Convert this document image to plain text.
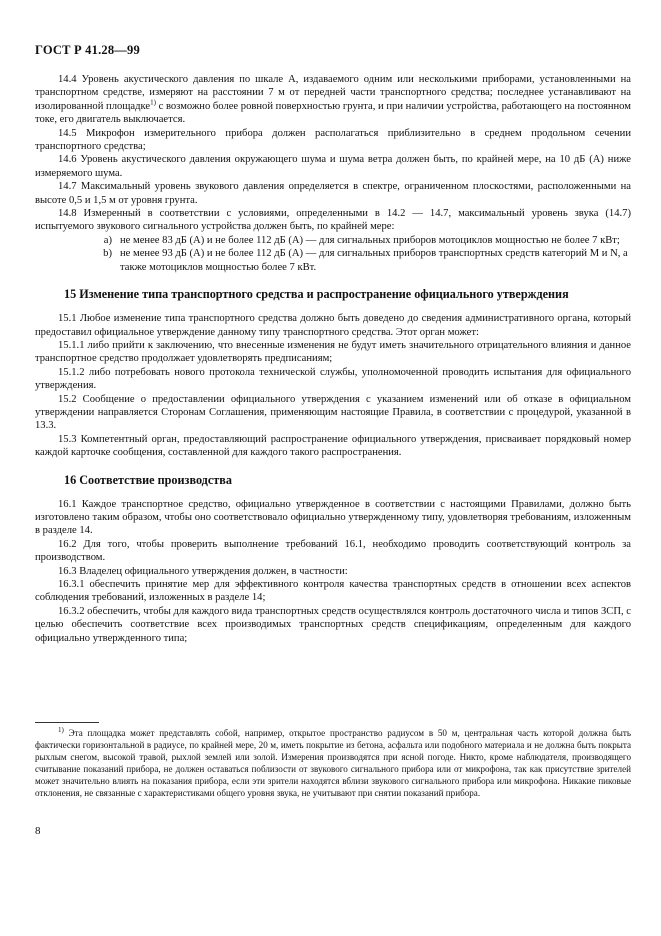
ГОСТ Р 41.28—99

14.4 Уровень акустического давления по шкале А, издаваемого одним или несколькими приборами, установленными на транспортном средстве, измеряют на расстоянии 7 м от передней части транспортного средства; последнее устанавливают на изолированной площадке$^{1)}$ с возможно более ровной поверхностью грунта, и при наличии устройства, работающего на постоянном токе, его двигатель выключается.

14.5 Микрофон измерительного прибора должен располагаться приблизительно в среднем продольном сечении транспортного средства;

14.6 Уровень акустического давления окружающего шума и шума ветра должен быть, по крайней мере, на 10 дБ (А) ниже измеряемого шума.

14.7 Максимальный уровень звукового давления определяется в спектре, ограниченном плоскостями, расположенными на высоте 0,5 и 1,5 м от уровня грунта.

14.8 Измеренный в соответствии с условиями, определенными в 14.2 — 14.7, максимальный уровень звука (14.7) испытуемого звукового сигнального устройства должен быть, по крайней мере:

a) не менее 83 дБ (А) и не более 112 дБ (А) — для сигнальных приборов мотоциклов мощностью не более 7 кВт;
b) не менее 93 дБ (А) и не более 112 дБ (А) — для сигнальных приборов транспортных средств категорий М и N, а также мотоциклов мощностью более 7 кВт.
15 Изменение типа транспортного средства и распространение официального утверждения

15.1 Любое изменение типа транспортного средства должно быть доведено до сведения административного органа, который предоставил официальное утверждение данному типу транспортного средства. Этот орган может:

15.1.1 либо прийти к заключению, что внесенные изменения не будут иметь значительного отрицательного влияния и данное транспортное средство продолжает удовлетворять предписаниям;

15.1.2 либо потребовать нового протокола технической службы, уполномоченной проводить испытания для официального утверждения.

15.2 Сообщение о предоставлении официального утверждения с указанием изменений или об отказе в официальном утверждении направляется Сторонам Соглашения, применяющим настоящие Правила, в соответствии с процедурой, указанной в 13.3.

15.3 Компетентный орган, предоставляющий распространение официального утверждения, присваивает порядковый номер каждой карточке сообщения, составленной для каждого такого распространения.

16 Соответствие производства

16.1 Каждое транспортное средство, официально утвержденное в соответствии с настоящими Правилами, должно быть изготовлено таким образом, чтобы оно соответствовало официально утвержденному типу, удовлетворяя требованиям, изложенным в разделе 14.

16.2 Для того, чтобы проверить выполнение требований 16.1, необходимо проводить соответствующий контроль за производством.

16.3 Владелец официального утверждения должен, в частности:

16.3.1 обеспечить принятие мер для эффективного контроля качества транспортных средств в отношении всех аспектов соблюдения требований, изложенных в разделе 14;

16.3.2 обеспечить, чтобы для каждого вида транспортных средств осуществлялся контроль достаточного числа и типов ЗСП, с целью обеспечить соответствие всех производимых транспортных средств спецификациям, определенным для каждого официально утвержденного типа;

$^{1)}$ Эта площадка может представлять собой, например, открытое пространство радиусом в 50 м, центральная часть которой должна быть фактически горизонтальной в радиусе, по крайней мере, 20 м, иметь покрытие из бетона, асфальта или подобного материала и не должна быть покрыта рыхлым снегом, высокой травой, рыхлой землей или золой. Измерения производятся при ясной погоде. Никто, кроме наблюдателя, производящего считывание показаний прибора, не должен оставаться поблизости от звукового сигнального прибора или от микрофона, так как присутствие зрителей может значительно влиять на показания прибора, если эти зрители находятся вблизи звукового сигнального прибора или микрофона. Никакие пиковые отклонения, не связанные с характеристиками общего уровня звука, не учитывают при снятии показаний прибора.

8
